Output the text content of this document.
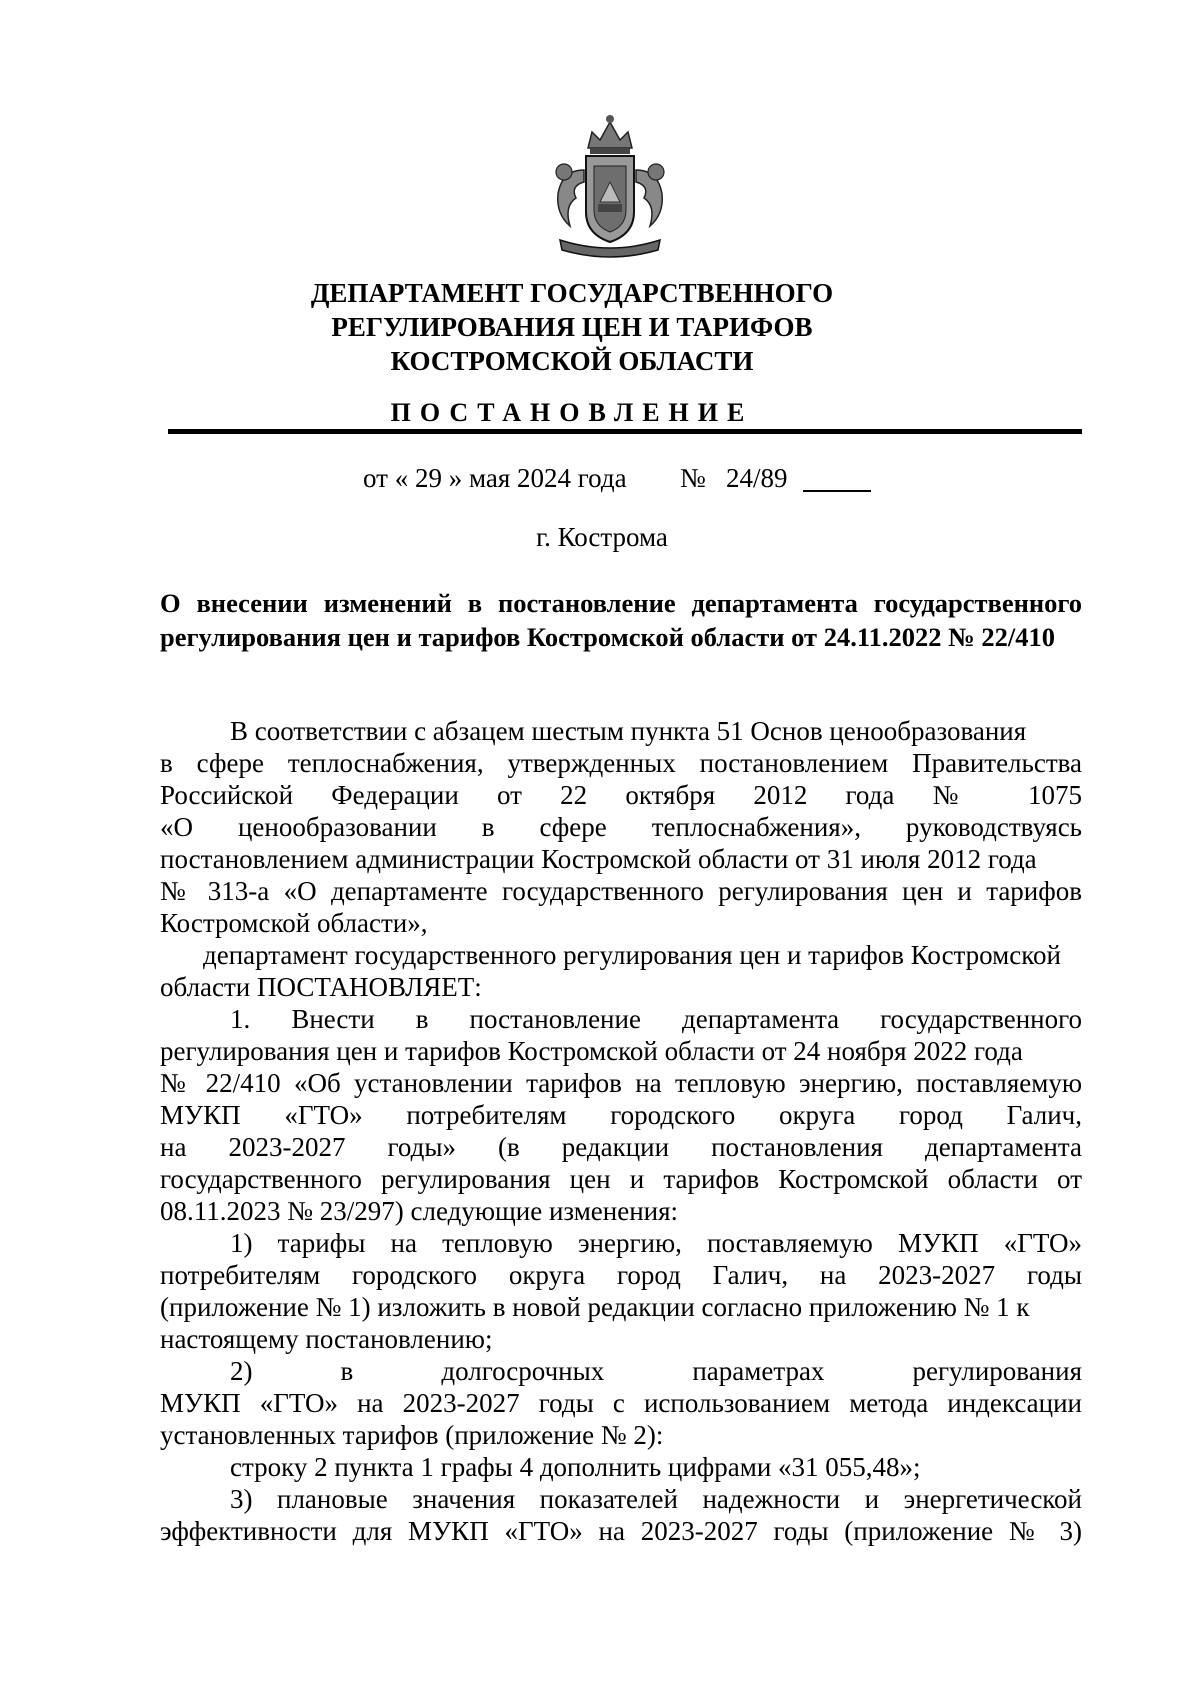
ДЕПАРТАМЕНТ ГОСУДАРСТВЕННОГО
РЕГУЛИРОВАНИЯ ЦЕН И ТАРИФОВ
КОСТРОМСКОЙ ОБЛАСТИ
ПОСТАНОВЛЕНИЕ
от « 29 » мая 2024 года №   24/89
г. Кострома
О внесении изменений в постановление департамента государственного
регулирования цен и тарифов Костромской области от 24.11.2022 № 22/410
В соответствии с абзацем шестым пункта 51 Основ ценообразования
в сфере теплоснабжения, утвержденных постановлением Правительства
Российской Федерации от 22 октября 2012 года № 1075
«О ценообразовании в сфере теплоснабжения», руководствуясь
постановлением администрации Костромской области от 31 июля 2012 года
№ 313-а «О департаменте государственного регулирования цен и тарифов
Костромской области»,
департамент государственного регулирования цен и тарифов Костромской
области ПОСТАНОВЛЯЕТ:
1. Внести в постановление департамента государственного
регулирования цен и тарифов Костромской области от 24 ноября 2022 года
№ 22/410 «Об установлении тарифов на тепловую энергию, поставляемую
МУКП «ГТО» потребителям городского округа город Галич,
на 2023-2027 годы» (в редакции постановления департамента
государственного регулирования цен и тарифов Костромской области от
08.11.2023 № 23/297) следующие изменения:
1) тарифы на тепловую энергию, поставляемую МУКП «ГТО»
потребителям городского округа город Галич, на 2023-2027 годы
(приложение № 1) изложить в новой редакции согласно приложению № 1 к
настоящему постановлению;
2) в долгосрочных параметрах регулирования
МУКП «ГТО» на 2023-2027 годы с использованием метода индексации
установленных тарифов (приложение № 2):
строку 2 пункта 1 графы 4 дополнить цифрами «31 055,48»;
3) плановые значения показателей надежности и энергетической
эффективности для МУКП «ГТО» на 2023-2027 годы (приложение № 3)
